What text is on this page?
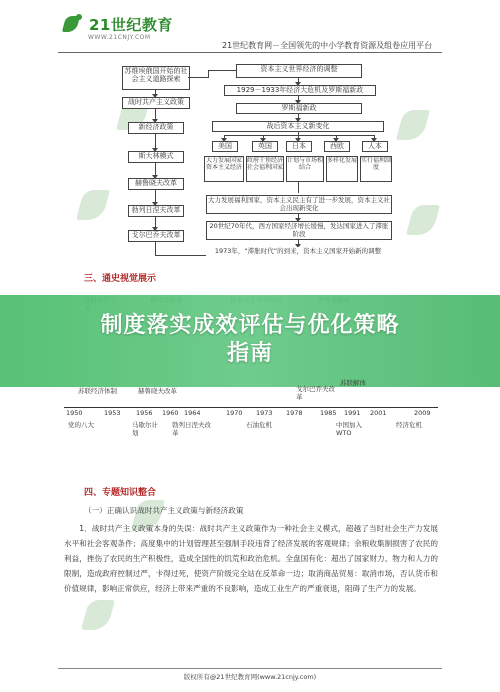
21世纪教育
WWW.21CNJY.COM
21世纪教育网－全国领先的中小学教育资源及组卷应用平台
苏维埃俄国开始的社会主义道路探索
战时共产主义政策
新经济政策
斯大林模式
赫鲁晓夫改革
勃列日涅夫改革
戈尔巴乔夫改革
资本主义世界经济的调整
1929－1933年经济大危机及罗斯福新政
罗斯福新政
战后资本主义新变化
美国	英国	日本	西欧	人本
大力发展国家资本主义经济
政府干预经济社会福利国家
计划与市场相结合
多样化发展 实行福利制度
大力发展福利国家，资本主义民主有了进一步发展，资本主义社会出现新变化
20世纪70年代，西方国家经济增长缓慢，发达国家进入了滞胀阶段
1973年，“滞胀时代”的到来，资本主义国家开始新的调整
三、通史视觉展示
制度落实成效评估与优化策略
指南
苏联经济体制	赫鲁晓夫改革	戈尔巴乔夫改革
苏联解体
1950	1953 1956 1960 1964	1970 1973 1978	1985 1991 2001	2009
党的八大	马歇尔计划
勃列日涅夫改革
石油危机	中国加入WTO
经济危机
四、专题知识整合
（一）正确认识战时共产主义政策与新经济政策
1．战时共产主义政策本身的失误：战时共产主义政策作为一种社会主义模式，超越了当时社会生产力发展水平和社会客观条件；高度集中的计划管理甚至强制手段违背了经济发展的客观规律；余粮收集制损害了农民的利益，挫伤了农民的生产积极性，造成全国性的饥荒和政治危机。全盘国有化：超出了国家财力、物力和人力的限制，造成政府控制过严，卡得过死，使资产阶级完全站在反革命一边；取消商品贸易：取消市场，否认货币和价值规律，影响正常供应，经济上带来严重的不良影响，造成工业生产的严重衰退，阻碍了生产力的发展。
版权所有@21世纪教育网(www.21cnjy.com)
